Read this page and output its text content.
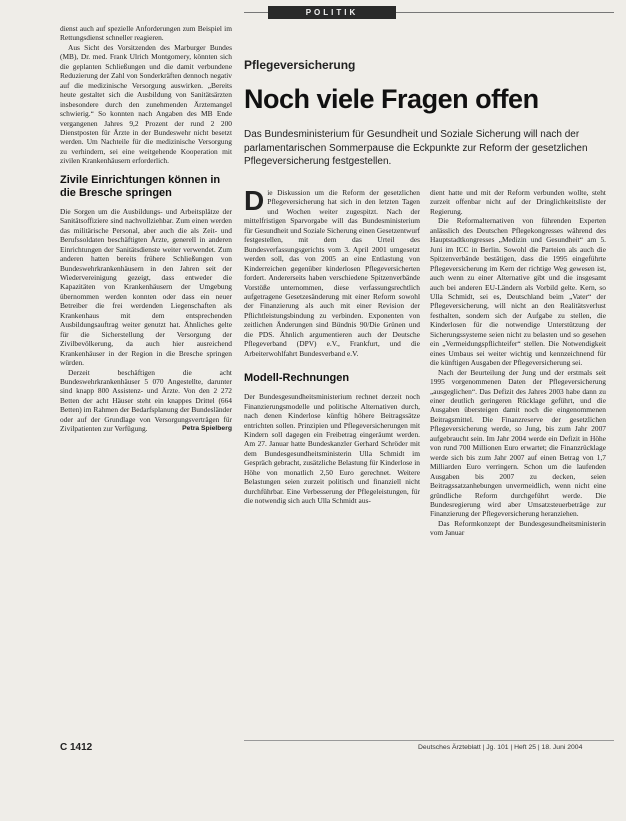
POLITIK

dienst auch auf spezielle Anforderungen zum Beispiel im Rettungsdienst schneller reagieren.

Aus Sicht des Vorsitzenden des Marburger Bundes (MB), Dr. med. Frank Ulrich Montgomery, könnten sich die geplanten Schließungen und die damit verbundene Reduzierung der Zahl von Sonderkräften dennoch negativ auf die medizinische Versorgung auswirken. „Bereits heute gestaltet sich die Ausbildung von Sanitätsärzten insbesondere durch den zunehmenden Ärztemangel schwierig.“ So konnten nach Angaben des MB Ende vergangenen Jahres 9,2 Prozent der rund 2 200 Dienstposten für Ärzte in der Bundeswehr nicht besetzt werden. Um Nachteile für die medizinische Versorgung zu verhindern, sei eine weitgehende Kooperation mit zivilen Krankenhäusern erforderlich.

Zivile Einrichtungen können in die Bresche springen

Die Sorgen um die Ausbildungs- und Arbeitsplätze der Sanitätsoffiziere sind nachvollziehbar. Zum einen werden das militärische Personal, aber auch die als Zeit- und Berufssoldaten beschäftigten Ärzte, generell in anderen Einrichtungen der Sanitätsdienste weiter verwendet. Zum anderen hatten bereits frühere Schließungen von Bundeswehrkrankenhäusern in den Jahren seit der Wiedervereinigung gezeigt, dass entweder die Kapazitäten von Krankenhäusern der Umgebung übernommen werden konnten oder dass ein neuer Betreiber die frei werdenden Liegenschaften als Krankenhaus mit dem entsprechenden Ausbildungsauftrag weiter genutzt hat. Ähnliches gelte für die Sicherstellung der Versorgung der Zivilbevölkerung, da auch hier ausreichend Krankenhäuser in der Region in die Bresche springen würden.

Derzeit beschäftigen die acht Bundeswehrkrankenhäuser 5 070 Angestellte, darunter sind knapp 800 Assistenz- und Ärzte. Von den 2 272 Betten der acht Häuser steht ein knappes Drittel (664 Betten) im Rahmen der Bedarfsplanung der Bundesländer oder auf der Grundlage von Versorgungsverträgen für Zivilpatienten zur Verfügung.	Petra Spielberg

Pflegeversicherung
Noch viele Fragen offen

Das Bundesministerium für Gesundheit und Soziale Sicherung will nach der parlamentarischen Sommerpause die Eckpunkte zur Reform der gesetzlichen Pflegeversicherung festgestellen.

Die Diskussion um die Reform der gesetzlichen Pflegeversicherung hat sich in den letzten Tagen und Wochen weiter zugespitzt. Nach der mittelfristigen Sparvorgabe will das Bundesministerium für Gesundheit und Soziale Sicherung einen Gesetzentwurf festgestellen, mit dem das Urteil des Bundesverfassungsgerichts vom 3. April 2001 umgesetzt werden soll, das von 2005 an eine Entlastung von Kinderreichen gegenüber kinderlosen Pflegeversicherten fordert. Andererseits haben verschiedene Spitzenverbände Vorstöße unternommen, diese verfassungsrechtlich aufgetragene Gesetzesänderung mit einer Reform sowohl der Finanzierung als auch mit einer Revision der Pflichtleistungsbindung zu verbinden. Exponenten von zeitlichen Änderungen sind Bündnis 90/Die Grünen und die PDS. Ähnlich argumentieren auch der Deutsche Pflegeverband (DPV) e.V., Frankfurt, und die Arbeiterwohlfahrt Bundesverband e.V.

Modell-Rechnungen

Der Bundesgesundheitsministerium rechnet derzeit noch Finanzierungsmodelle und politische Alternativen durch, nach denen Kinderlose künftig höhere Beitragssätze entrichten sollen. Prinzipien und Pflegeversicherungen mit Kindern soll dagegen ein Freibetrag eingeräumt werden. Am 27. Januar hatte Bundeskanzler Gerhard Schröder mit dem Bundesgesundheitsministerin Ulla Schmidt im Gespräch gebracht, zusätzliche Belastung für Kinderlose in Höhe von monatlich 2,50 Euro gerechnet. Weitere Belastungen seien zurzeit politisch und finanziell nicht durchführbar. Eine Verbesserung der Pflegeleistungen, für die notwendig sich auch Ulla Schmidt aus-

dient hatte und mit der Reform verbunden wollte, steht zurzeit offenbar nicht auf der Dringlichkeitsliste der Regierung.

Die Reformalternativen von führenden Experten anlässlich des Deutschen Pflegekongresses während des Hauptstadtkongresses „Medizin und Gesundheit“ am 5. Juni im ICC in Berlin. Sowohl die Parteien als auch die Spitzenverbände bestätigen, dass die 1995 eingeführte Pflegeversicherung im Kern der richtige Weg gewesen ist, auch wenn zu einer Alternative gibt und die insgesamt auch bei anderen EU-Ländern als Vorbild gelte. Kern, so Ulla Schmidt, sei es, Deutschland beim „Vater“ der Pflegeversicherung, will nicht an den Realitätsverlust festhalten, sondern sich der Aufgabe zu stellen, die Kinderlosen für die notwendige Unterstützung der Sicherungssysteme seien nicht zu belasten und so gesehen ein „Vermeidungspflichteifer“ stellen. Die Notwendigkeit eines Umbaus sei weiter wichtig und kennzeichnend für die künftigen Ausgaben der Pflegeversicherung sei.

Nach der Beurteilung der Jung und der erstmals seit 1995 vorgenommenen Daten der Pflegeversicherung „ausgeglichen“. Das Defizit des Jahres 2003 habe dann zu einer deutlich geringeren Rücklage geführt, und die Ausgaben übersteigen damit noch die eingenommenen Beitragsmittel. Die Finanzreserve der gesetzlichen Pflegeversicherung werde, so Jung, bis zum Jahr 2007 aufgebraucht sein. Im Jahr 2004 werde ein Defizit in Höhe von rund 700 Millionen Euro erwartet; die Finanzrücklage werde sich bis zum Jahr 2007 auf einen Betrag von 1,7 Milliarden Euro verringern. Schon um die laufenden Ausgaben bis 2007 zu decken, seien Beitragssatzanhebungen unvermeidlich, wenn nicht eine gründliche Reform durchgeführt werde. Die Bundesregierung wird aber Umsatzsteuerbeträge zur Finanzierung der Pflegeversicherung heranziehen.

Das Reformkonzept der Bundesgesundheitsministerin vom Januar

C 1412	Deutsches Ärzteblatt | Jg. 101 | Heft 25 | 18. Juni 2004
